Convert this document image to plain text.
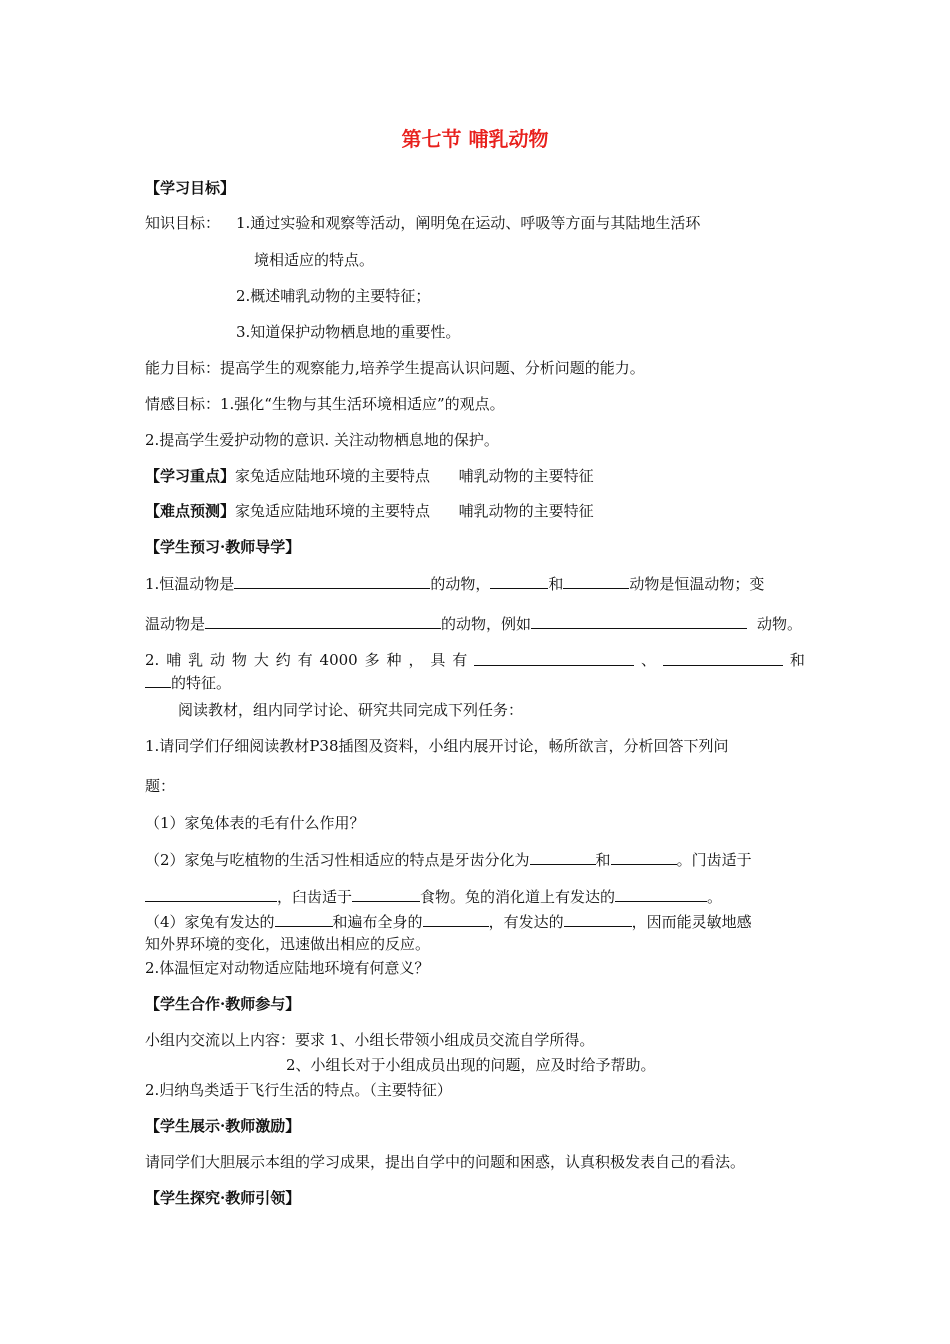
第七节 哺乳动物
【学习目标】
知识目标： 1.通过实验和观察等活动，阐明兔在运动、呼吸等方面与其陆地生活环
境相适应的特点。
2.概述哺乳动物的主要特征；
3.知道保护动物栖息地的重要性。
能力目标：提高学生的观察能力,培养学生提高认识问题、分析问题的能力。
情感目标：1.强化“生物与其生活环境相适应”的观点。
2.提高学生爱护动物的意识. 关注动物栖息地的保护。
【学习重点】家兔适应陆地环境的主要特点      哺乳动物的主要特征
【难点预测】家兔适应陆地环境的主要特点      哺乳动物的主要特征
【学生预习·教师导学】
1.恒温动物是	的动物，	和	动物是恒温动物；变
温动物是	的动物，例如	动物。
2. 哺 乳 动 物 大 约 有 4000 多 种 ， 具 有	、	和
的特征。
阅读教材，组内同学讨论、研究共同完成下列任务：
1.请同学们仔细阅读教材P38插图及资料，小组内展开讨论，畅所欲言，分析回答下列问
题：
（1）家兔体表的毛有什么作用？
（2）家兔与吃植物的生活习性相适应的特点是牙齿分化为	和	。门齿适于
，臼齿适于	食物。兔的消化道上有发达的	。
（4）家兔有发达的	和遍布全身的	，有发达的	，因而能灵敏地感
知外界环境的变化，迅速做出相应的反应。
2.体温恒定对动物适应陆地环境有何意义？
【学生合作·教师参与】
小组内交流以上内容：要求 1、小组长带领小组成员交流自学所得。
2、小组长对于小组成员出现的问题，应及时给予帮助。
2.归纳鸟类适于飞行生活的特点。（主要特征）
【学生展示·教师激励】
请同学们大胆展示本组的学习成果，提出自学中的问题和困惑，认真积极发表自己的看法。
【学生探究·教师引领】
